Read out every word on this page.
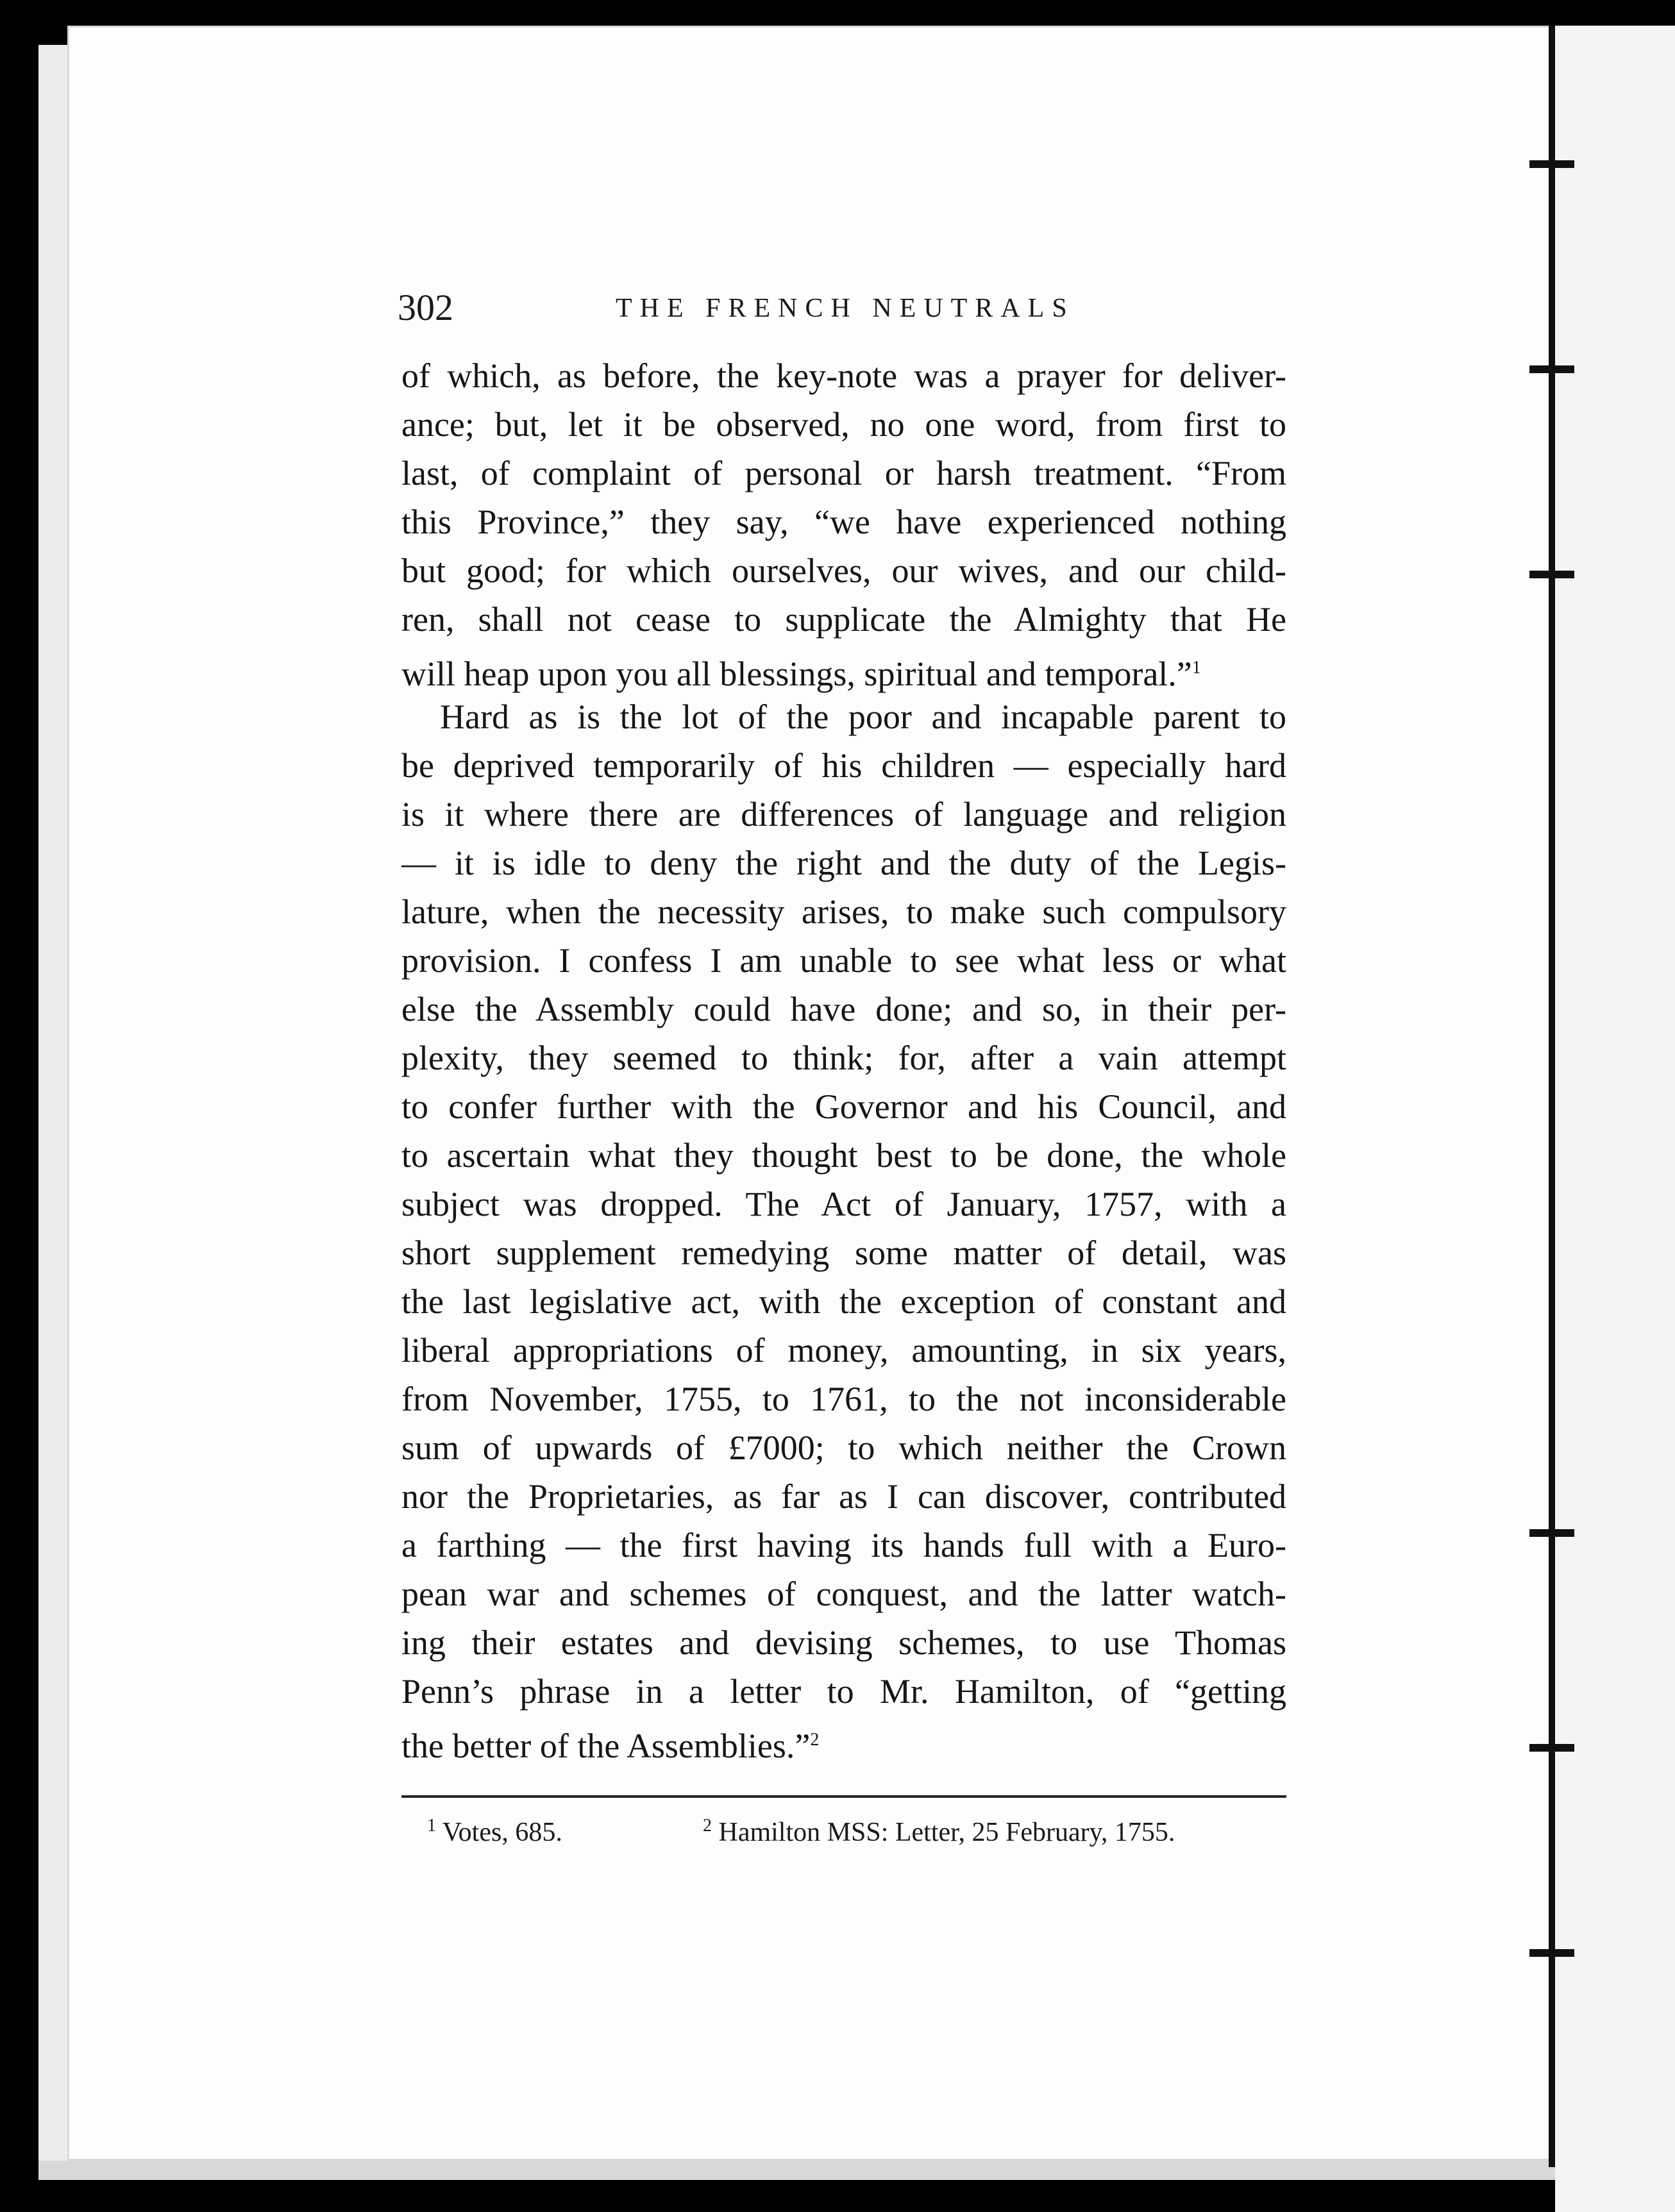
302	THE FRENCH NEUTRALS
of which, as before, the key-note was a prayer for deliver-
ance; but, let it be observed, no one word, from first to
last, of complaint of personal or harsh treatment. “From
this Province,” they say, “we have experienced nothing
but good; for which ourselves, our wives, and our child-
ren, shall not cease to supplicate the Almighty that He
will heap upon you all blessings, spiritual and temporal.”$^1$
Hard as is the lot of the poor and incapable parent to
be deprived temporarily of his children — especially hard
is it where there are differences of language and religion
— it is idle to deny the right and the duty of the Legis-
lature, when the necessity arises, to make such compulsory
provision. I confess I am unable to see what less or what
else the Assembly could have done; and so, in their per-
plexity, they seemed to think; for, after a vain attempt
to confer further with the Governor and his Council, and
to ascertain what they thought best to be done, the whole
subject was dropped. The Act of January, 1757, with a
short supplement remedying some matter of detail, was
the last legislative act, with the exception of constant and
liberal appropriations of money, amounting, in six years,
from November, 1755, to 1761, to the not inconsiderable
sum of upwards of £7000; to which neither the Crown
nor the Proprietaries, as far as I can discover, contributed
a farthing — the first having its hands full with a Euro-
pean war and schemes of conquest, and the latter watch-
ing their estates and devising schemes, to use Thomas
Penn’s phrase in a letter to Mr. Hamilton, of “getting
the better of the Assemblies.”$^2$
$^1$ Votes, 685.	$^2$ Hamilton MSS: Letter, 25 February, 1755.
